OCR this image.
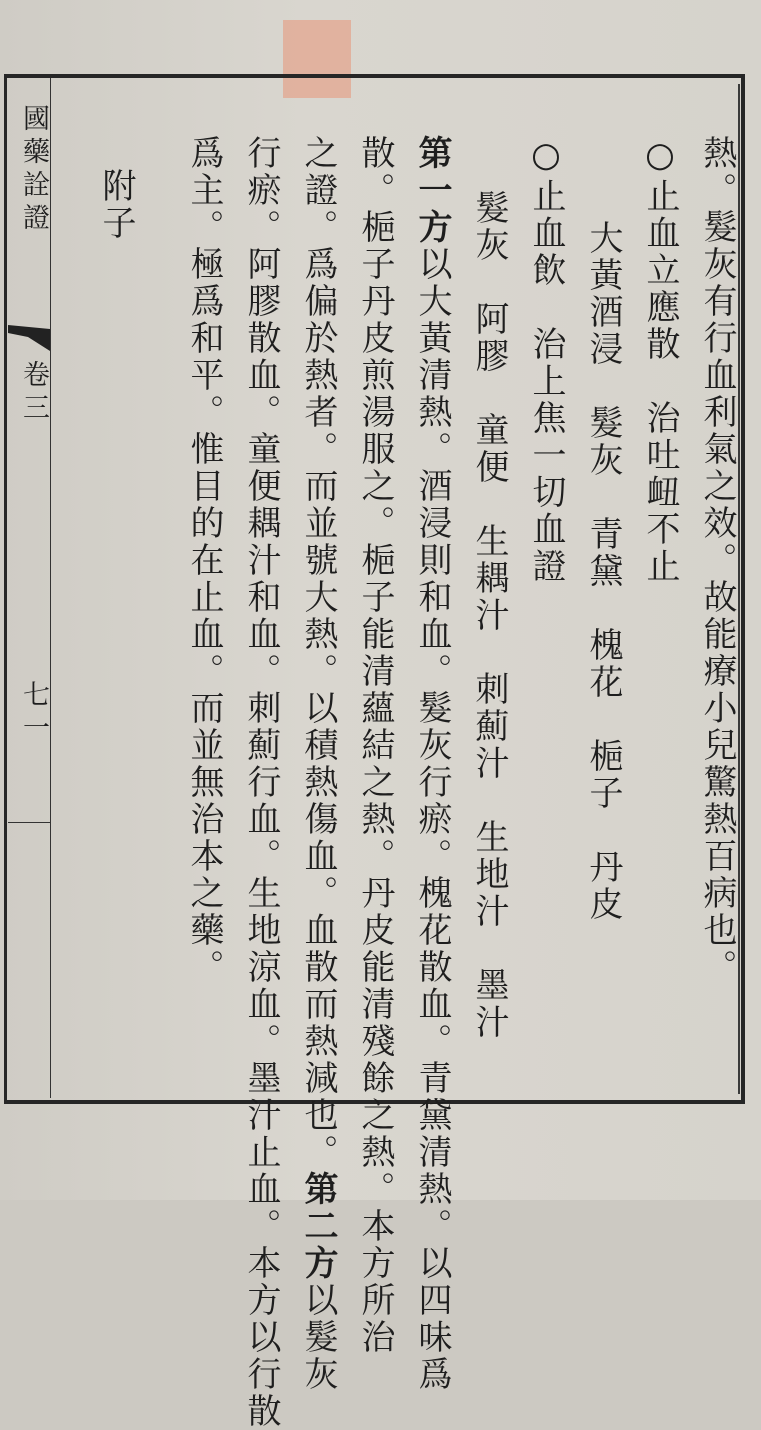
國藥詮證
卷三
七一	熱。髮灰有行血利氣之效。故能療小兒驚熱百病也。
○止血立應散　治吐衄不止
大黃酒浸　髮灰　青黛　槐花　梔子　丹皮
○止血飲　治上焦一切血證
髮灰　阿膠　童便　生耦汁　刺薊汁　生地汁　墨汁
第一方以大黃清熱。酒浸則和血。髮灰行瘀。槐花散血。青黛清熱。以四味爲
散。梔子丹皮煎湯服之。梔子能清蘊結之熱。丹皮能清殘餘之熱。本方所治
之證。爲偏於熱者。而並號大熱。以積熱傷血。血散而熱減也。第二方以髮灰
行瘀。阿膠散血。童便耦汁和血。刺薊行血。生地涼血。墨汁止血。本方以行散
爲主。極爲和平。惟目的在止血。而並無治本之藥。
附子
